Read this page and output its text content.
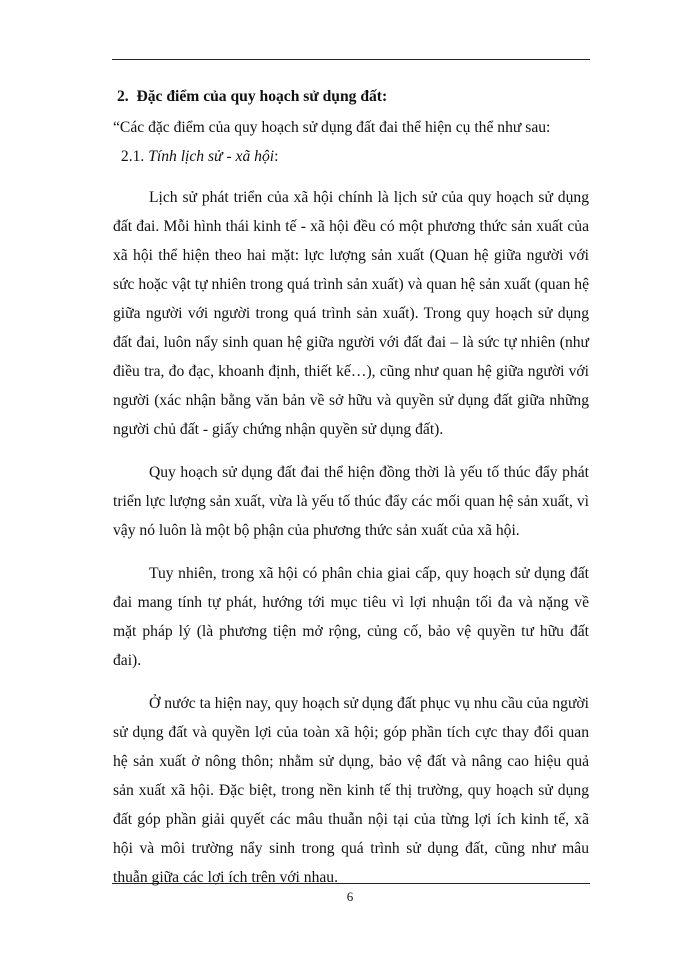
2. Đặc điểm của quy hoạch sử dụng đất:

“Các đặc điểm của quy hoạch sử dụng đất đai thể hiện cụ thể như sau:

2.1. Tính lịch sử - xã hội:

Lịch sử phát triển của xã hội chính là lịch sử của quy hoạch sử dụng đất đai. Mỗi hình thái kinh tế - xã hội đều có một phương thức sản xuất của xã hội thể hiện theo hai mặt: lực lượng sản xuất (Quan hệ giữa người với sức hoặc vật tự nhiên trong quá trình sản xuất) và quan hệ sản xuất (quan hệ giữa người với người trong quá trình sản xuất). Trong quy hoạch sử dụng đất đai, luôn nẩy sinh quan hệ giữa người với đất đai – là sức tự nhiên (như điều tra, đo đạc, khoanh định, thiết kế…), cũng như quan hệ giữa người với người (xác nhận bằng văn bản về sở hữu và quyền sử dụng đất giữa những người chủ đất - giấy chứng nhận quyền sử dụng đất).

Quy hoạch sử dụng đất đai thể hiện đồng thời là yếu tố thúc đẩy phát triển lực lượng sản xuất, vừa là yếu tố thúc đẩy các mối quan hệ sản xuất, vì vậy nó luôn là một bộ phận của phương thức sản xuất của xã hội.

Tuy nhiên, trong xã hội có phân chia giai cấp, quy hoạch sử dụng đất đai mang tính tự phát, hướng tới mục tiêu vì lợi nhuận tối đa và nặng về mặt pháp lý (là phương tiện mở rộng, củng cố, bảo vệ quyền tư hữu đất đai).

Ở nước ta hiện nay, quy hoạch sử dụng đất phục vụ nhu cầu của người sử dụng đất và quyền lợi của toàn xã hội; góp phần tích cực thay đổi quan hệ sản xuất ở nông thôn; nhằm sử dụng, bảo vệ đất và nâng cao hiệu quả sản xuất xã hội. Đặc biệt, trong nền kinh tế thị trường, quy hoạch sử dụng đất góp phần giải quyết các mâu thuẫn nội tại của từng lợi ích kinh tế, xã hội và môi trường nẩy sinh trong quá trình sử dụng đất, cũng như mâu thuẫn giữa các lợi ích trên với nhau.

6
